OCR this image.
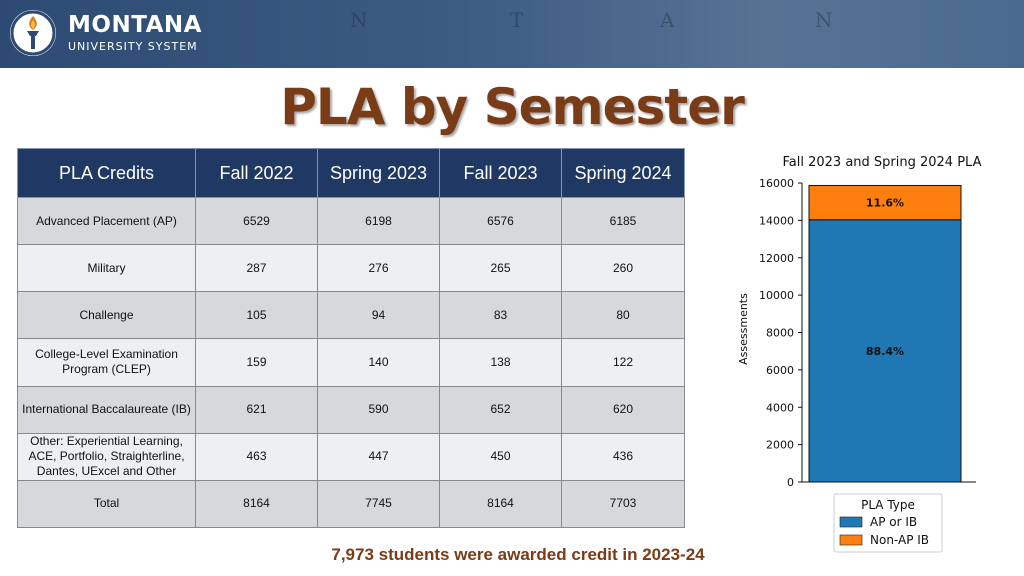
N	T	A	N
MONTANA
UNIVERSITY SYSTEM
PLA by Semester
PLA Credits	Fall 2022	Spring 2023	Fall 2023	Spring 2024
Advanced Placement (AP)	6529	6198	6576	6185
Military	287	276	265	260
Challenge	105	94	83	80
College-Level Examination Program (CLEP)	159	140	138	122
International Baccalaureate (IB)	621	590	652	620
Other: Experiential Learning, ACE, Portfolio, Straighterline, Dantes, UExcel and Other	463	447	450	436
Total	8164	7745	8164	7703
Fall 2023 and Spring 2024 PLA
Assessments
0
2000
4000
6000
8000
10000
12000
14000
16000
88.4%
11.6%
PLA Type
AP or IB
Non-AP IB
7,973 students were awarded credit in 2023-24
